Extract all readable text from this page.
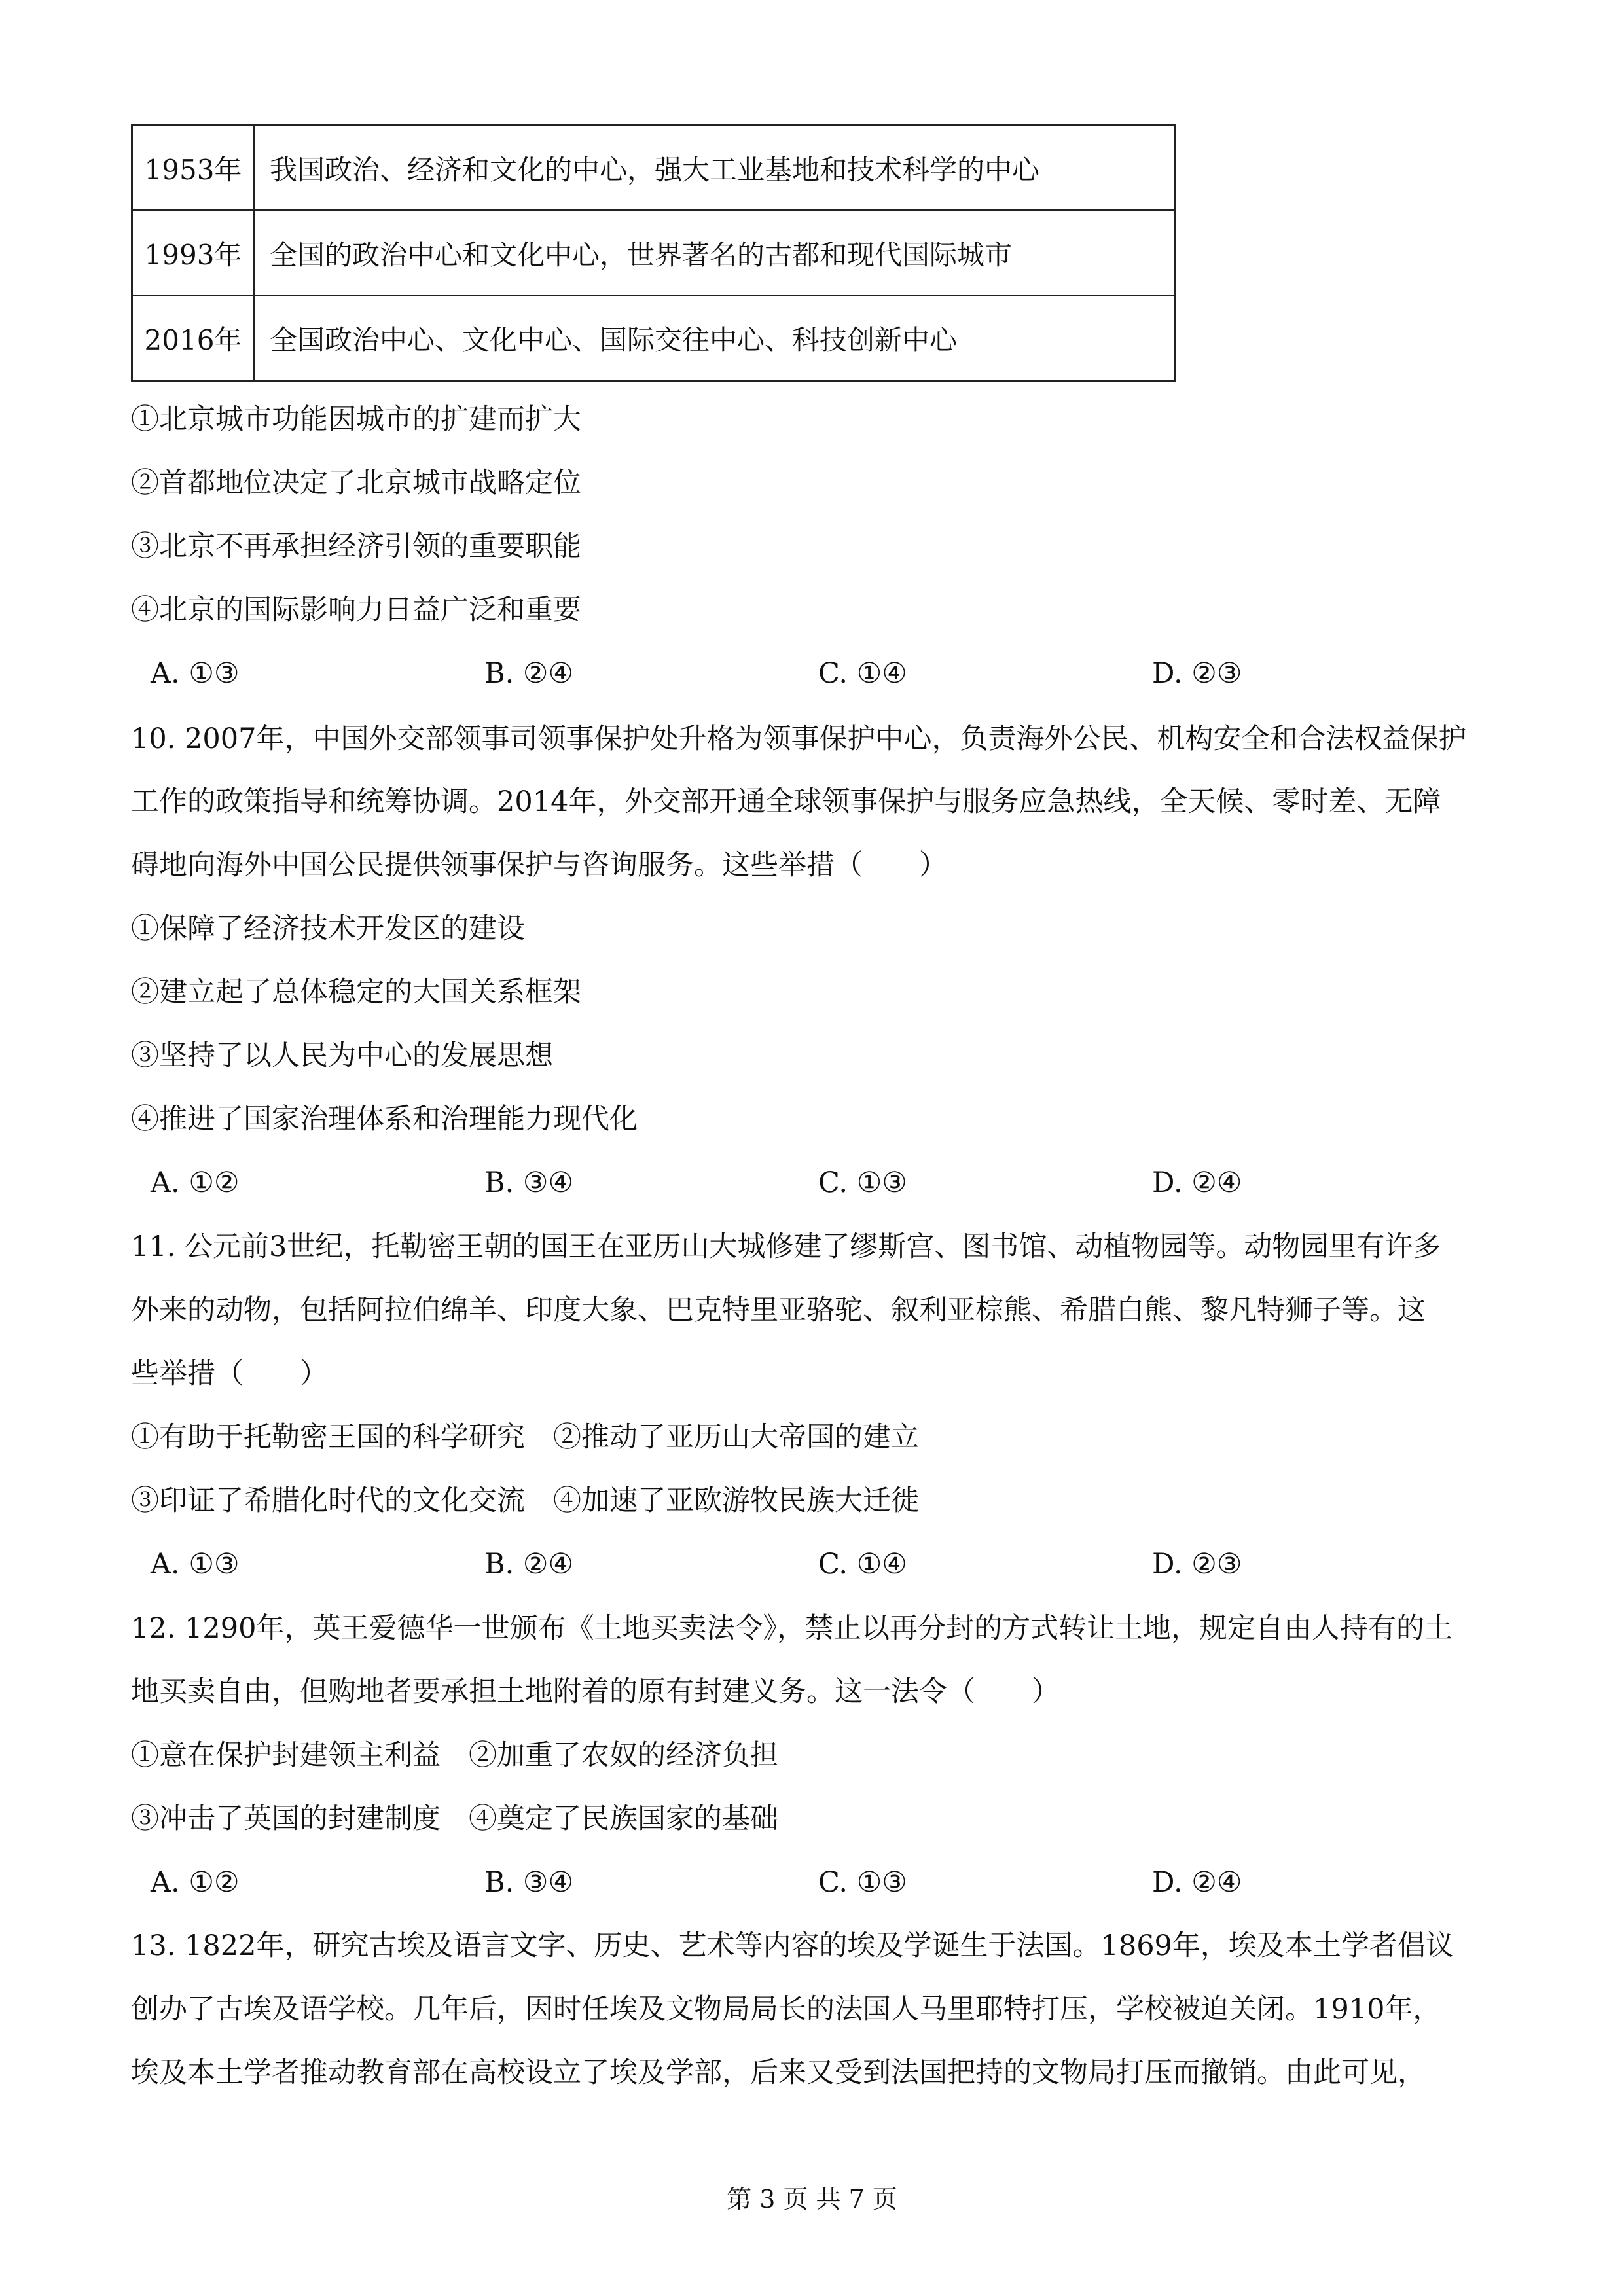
1953年	我国政治、经济和文化的中心，强大工业基地和技术科学的中心
1993年	全国的政治中心和文化中心，世界著名的古都和现代国际城市
2016年	全国政治中心、文化中心、国际交往中心、科技创新中心
①北京城市功能因城市的扩建而扩大
②首都地位决定了北京城市战略定位
③北京不再承担经济引领的重要职能
④北京的国际影响力日益广泛和重要
A. ①③	B. ②④	C. ①④	D. ②③
10. 2007年，中国外交部领事司领事保护处升格为领事保护中心，负责海外公民、机构安全和合法权益保护
工作的政策指导和统筹协调。2014年，外交部开通全球领事保护与服务应急热线，全天候、零时差、无障
碍地向海外中国公民提供领事保护与咨询服务。这些举措（　　）
①保障了经济技术开发区的建设
②建立起了总体稳定的大国关系框架
③坚持了以人民为中心的发展思想
④推进了国家治理体系和治理能力现代化
A. ①②	B. ③④	C. ①③	D. ②④
11. 公元前3世纪，托勒密王朝的国王在亚历山大城修建了缪斯宫、图书馆、动植物园等。动物园里有许多
外来的动物，包括阿拉伯绵羊、印度大象、巴克特里亚骆驼、叙利亚棕熊、希腊白熊、黎凡特狮子等。这
些举措（　　）
①有助于托勒密王国的科学研究　②推动了亚历山大帝国的建立
③印证了希腊化时代的文化交流　④加速了亚欧游牧民族大迁徙
A. ①③	B. ②④	C. ①④	D. ②③
12. 1290年，英王爱德华一世颁布《土地买卖法令》，禁止以再分封的方式转让土地，规定自由人持有的土
地买卖自由，但购地者要承担土地附着的原有封建义务。这一法令（　　）
①意在保护封建领主利益　②加重了农奴的经济负担
③冲击了英国的封建制度　④奠定了民族国家的基础
A. ①②	B. ③④	C. ①③	D. ②④
13. 1822年，研究古埃及语言文字、历史、艺术等内容的埃及学诞生于法国。1869年，埃及本土学者倡议
创办了古埃及语学校。几年后，因时任埃及文物局局长的法国人马里耶特打压，学校被迫关闭。1910年，
埃及本土学者推动教育部在高校设立了埃及学部，后来又受到法国把持的文物局打压而撤销。由此可见，
第 3 页 共 7 页
